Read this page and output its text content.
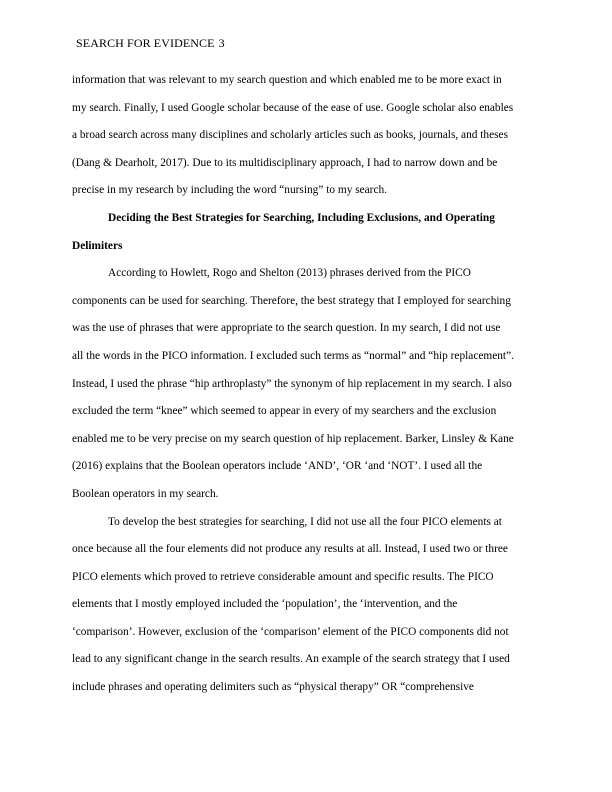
SEARCH FOR EVIDENCE 3
information that was relevant to my search question and which enabled me to be more exact in
my search. Finally, I used Google scholar because of the ease of use. Google scholar also enables
a broad search across many disciplines and scholarly articles such as books, journals, and theses
(Dang & Dearholt, 2017). Due to its multidisciplinary approach, I had to narrow down and be
precise in my research by including the word “nursing” to my search.
Deciding the Best Strategies for Searching, Including Exclusions, and Operating
Delimiters
According to Howlett, Rogo and Shelton (2013) phrases derived from the PICO
components can be used for searching. Therefore, the best strategy that I employed for searching
was the use of phrases that were appropriate to the search question. In my search, I did not use
all the words in the PICO information. I excluded such terms as “normal” and “hip replacement”.
Instead, I used the phrase “hip arthroplasty” the synonym of hip replacement in my search. I also
excluded the term “knee” which seemed to appear in every of my searchers and the exclusion
enabled me to be very precise on my search question of hip replacement. Barker, Linsley & Kane
(2016) explains that the Boolean operators include ‘AND’, ‘OR ‘and ‘NOT’. I used all the
Boolean operators in my search.
To develop the best strategies for searching, I did not use all the four PICO elements at
once because all the four elements did not produce any results at all. Instead, I used two or three
PICO elements which proved to retrieve considerable amount and specific results. The PICO
elements that I mostly employed included the ‘population’, the ‘intervention, and the
‘comparison’. However, exclusion of the ‘comparison’ element of the PICO components did not
lead to any significant change in the search results. An example of the search strategy that I used
include phrases and operating delimiters such as “physical therapy” OR “comprehensive
